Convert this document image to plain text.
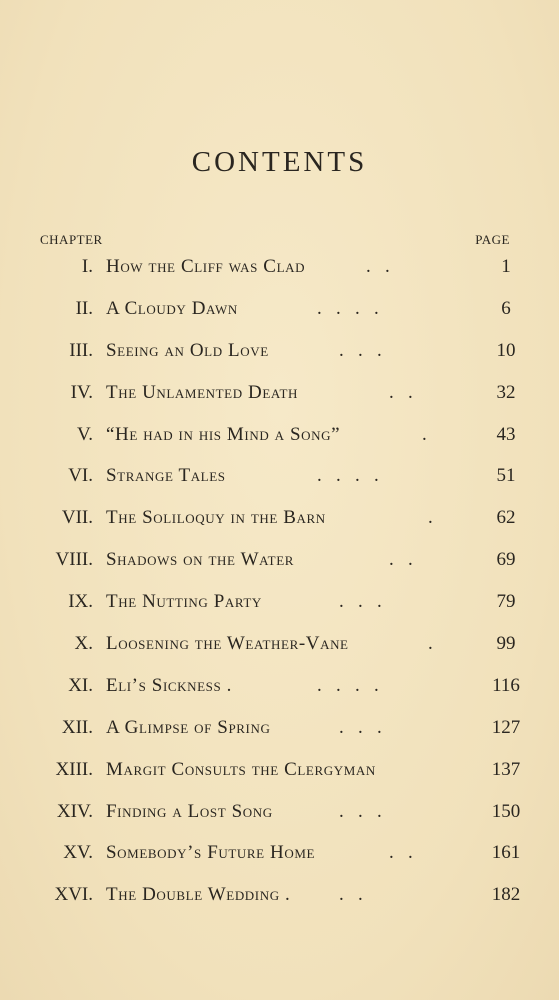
CONTENTS
CHAPTER	PAGE
I. How the Cliff was Clad	.   .	1
II. A Cloudy Dawn	.   .   .   .	6
III. Seeing an Old Love	.   .   .	10
IV. The Unlamented Death	.   .	32
V. “He had in his Mind a Song”	.	43
VI. Strange Tales	.   .   .   .	51
VII. The Soliloquy in the Barn	.	62
VIII. Shadows on the Water	.   .	69
IX. The Nutting Party	.   .   .	79
X. Loosening the Weather-Vane	.	99
XI. Eli’s Sickness .	.   .   .   .	116
XII. A Glimpse of Spring	.   .   .	127
XIII. Margit Consults the Clergyman	137
XIV. Finding a Lost Song	.   .   .	150
XV. Somebody’s Future Home	.   .	161
XVI. The Double Wedding .	.   .	182
